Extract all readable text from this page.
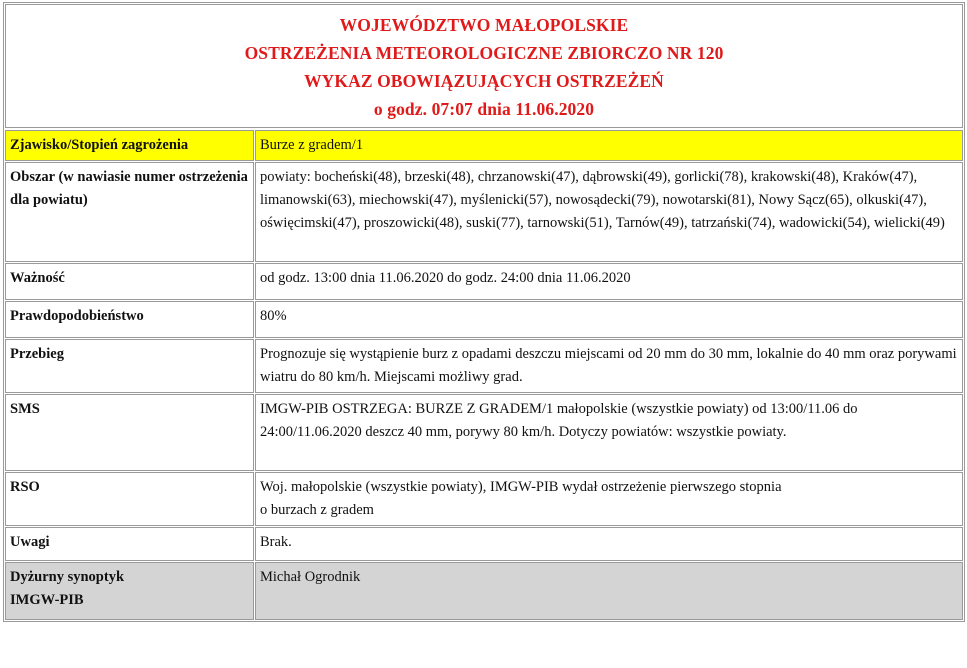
WOJEWÓDZTWO MAŁOPOLSKIE
OSTRZEŻENIA METEOROLOGICZNE ZBIORCZO NR 120
WYKAZ OBOWIĄZUJĄCYCH OSTRZEŻEŃ
o godz. 07:07 dnia 11.06.2020
Zjawisko/Stopień zagrożenia	Burze z gradem/1
Obszar (w nawiasie numer ostrzeżenia dla powiatu)	powiaty: bocheński(48), brzeski(48), chrzanowski(47), dąbrowski(49), gorlicki(78), krakowski(48), Kraków(47), limanowski(63), miechowski(47), myślenicki(57), nowosądecki(79), nowotarski(81), Nowy Sącz(65), olkuski(47), oświęcimski(47), proszowicki(48), suski(77), tarnowski(51), Tarnów(49), tatrzański(74), wadowicki(54), wielicki(49)
Ważność	od godz. 13:00 dnia 11.06.2020 do godz. 24:00 dnia 11.06.2020
Prawdopodobieństwo	80%
Przebieg	Prognozuje się wystąpienie burz z opadami deszczu miejscami od 20 mm do 30 mm, lokalnie do 40 mm oraz porywami wiatru do 80 km/h. Miejscami możliwy grad.
SMS	IMGW-PIB OSTRZEGA: BURZE Z GRADEM/1 małopolskie (wszystkie powiaty) od 13:00/11.06 do 24:00/11.06.2020 deszcz 40 mm, porywy 80 km/h. Dotyczy powiatów: wszystkie powiaty.
RSO	Woj. małopolskie (wszystkie powiaty), IMGW-PIB wydał ostrzeżenie pierwszego stopnia
o burzach z gradem
Uwagi	Brak.
Dyżurny synoptyk
IMGW-PIB	Michał Ogrodnik
